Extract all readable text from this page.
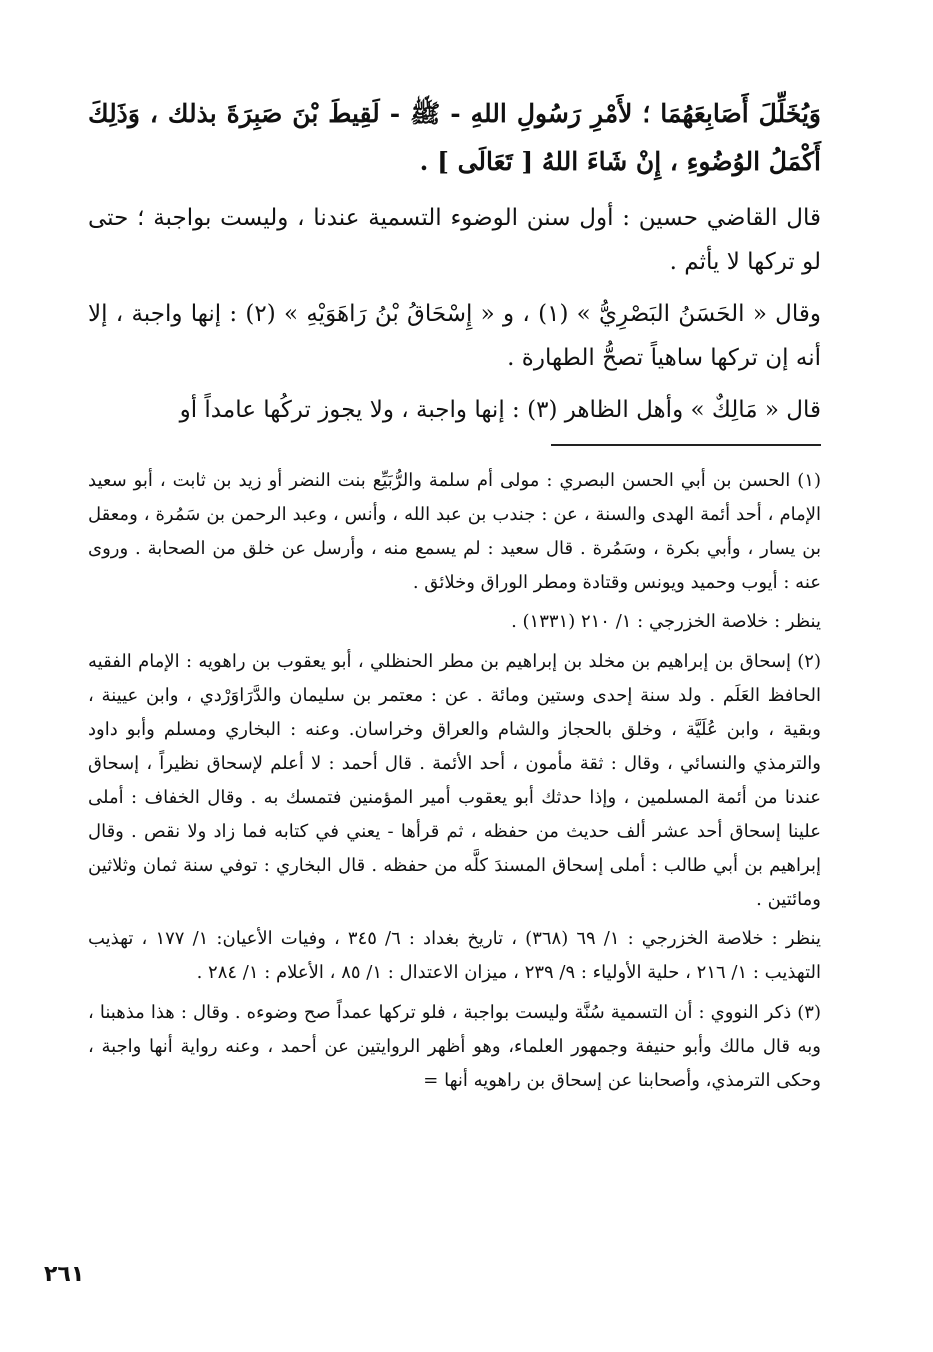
وَيُخَلِّلَ أَصَابِعَهُمَا ؛ لأَمْرِ رَسُولِ اللهِ - ﷺ - لَقِيطَ بْنَ صَبِرَةَ بذلك ، وَذَلِكَ أَكْمَلُ الوُضُوءِ ، إِنْ شَاءَ اللهُ [ تَعَالَى ] .

قال القاضي حسين : أول سنن الوضوء التسمية عندنا ، وليست بواجبة ؛ حتى لو تركها لا يأثم .

وقال « الحَسَنُ البَصْرِيُّ » (١) ، و « إِسْحَاقُ بْنُ رَاهَوَيْهِ » (٢) : إنها واجبة ، إلا أنه إن تركها ساهياً تصحُّ الطهارة .

قال « مَالِكٌ » وأهل الظاهر (٣) : إنها واجبة ، ولا يجوز تركُها عامداً أو

(١) الحسن بن أبي الحسن البصري : مولى أم سلمة والرُّبَيِّع بنت النضر أو زيد بن ثابت ، أبو سعيد الإمام ، أحد أئمة الهدى والسنة ، عن : جندب بن عبد الله ، وأنس ، وعبد الرحمن بن سَمُرة ، ومعقل بن يسار ، وأبي بكرة ، وسَمُرة . قال سعيد : لم يسمع منه ، وأرسل عن خلق من الصحابة . وروى عنه : أيوب وحميد ويونس وقتادة ومطر الوراق وخلائق .

ينظر : خلاصة الخزرجي : ١/ ٢١٠ (١٣٣١) .

(٢) إسحاق بن إبراهيم بن مخلد بن إبراهيم بن مطر الحنظلي ، أبو يعقوب بن راهويه : الإمام الفقيه الحافظ العَلَم . ولد سنة إحدى وستين ومائة . عن : معتمر بن سليمان والدَّرَاوَرْدي ، وابن عيينة ، وبقية ، وابن عُلَيَّة ، وخلق بالحجاز والشام والعراق وخراسان. وعنه : البخاري ومسلم وأبو داود والترمذي والنسائي ، وقال : ثقة مأمون ، أحد الأئمة . قال أحمد : لا أعلم لإسحاق نظيراً ، إسحاق عندنا من أئمة المسلمين ، وإذا حدثك أبو يعقوب أمير المؤمنين فتمسك به . وقال الخفاف : أملى علينا إسحاق أحد عشر ألف حديث من حفظه ، ثم قرأها - يعني في كتابه فما زاد ولا نقص . وقال إبراهيم بن أبي طالب : أملى إسحاق المسندَ كلَّه من حفظه . قال البخاري : توفي سنة ثمان وثلاثين ومائتين .

ينظر : خلاصة الخزرجي : ١/ ٦٩ (٣٦٨) ، تاريخ بغداد : ٦/ ٣٤٥ ، وفيات الأعيان: ١/ ١٧٧ ، تهذيب التهذيب : ١/ ٢١٦ ، حلية الأولياء : ٩/ ٢٣٩ ، ميزان الاعتدال : ١/ ٨٥ ، الأعلام : ١/ ٢٨٤ .

(٣) ذكر النووي : أن التسمية سُنَّة وليست بواجبة ، فلو تركها عمداً صح وضوءه . وقال : هذا مذهبنا ، وبه قال مالك وأبو حنيفة وجمهور العلماء، وهو أظهر الروايتين عن أحمد ، وعنه رواية أنها واجبة ، وحكى الترمذي، وأصحابنا عن إسحاق بن راهويه أنها =

٢٦١
